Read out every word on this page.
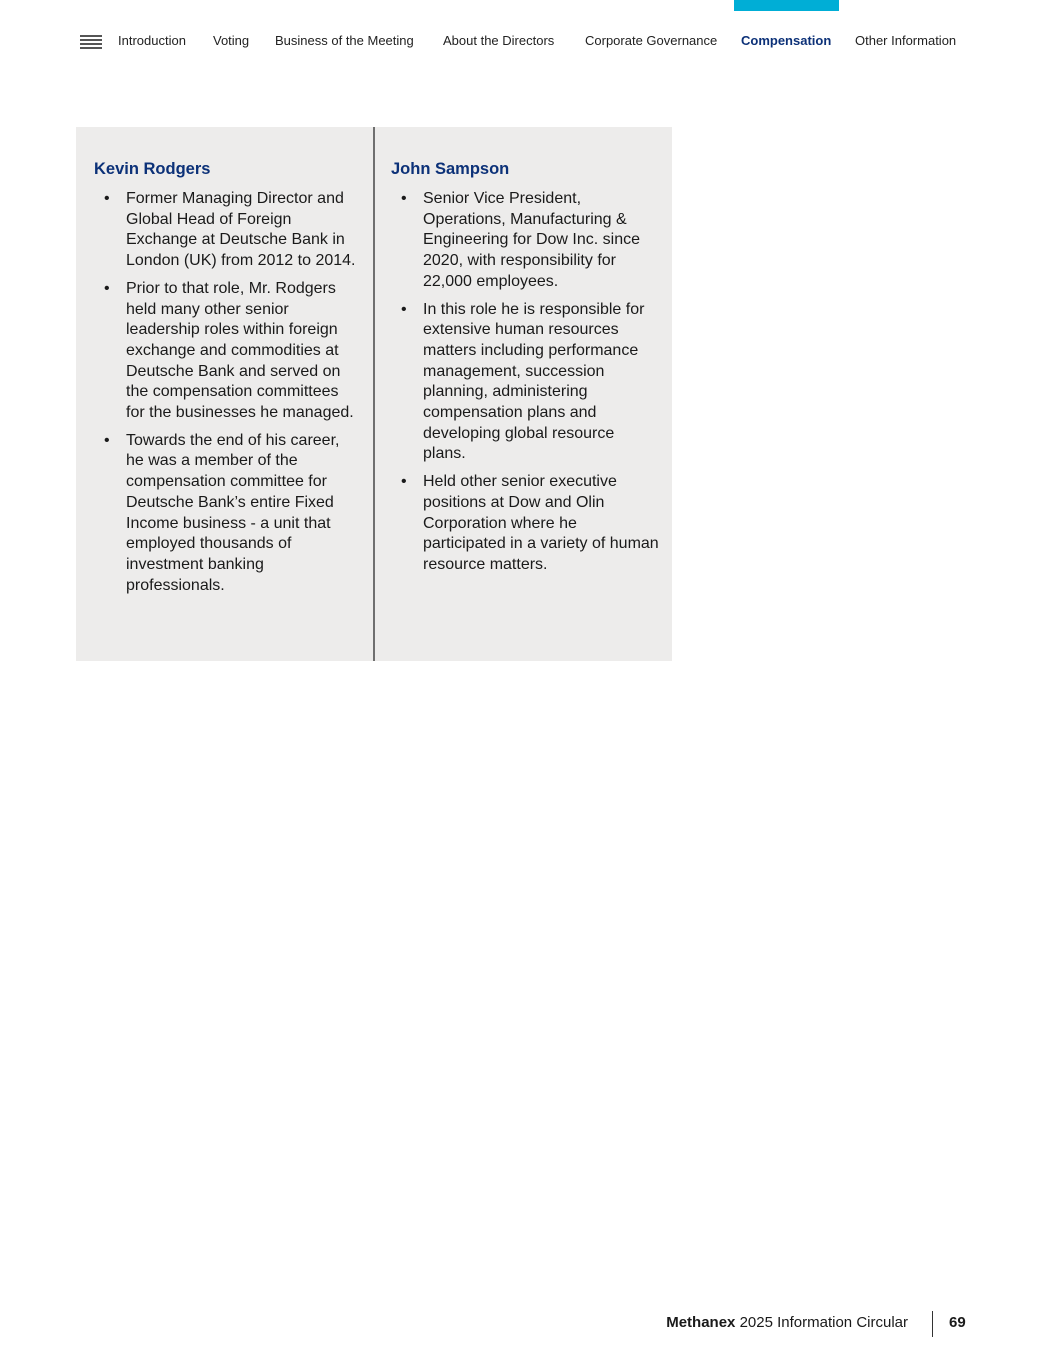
Introduction Voting Business of the Meeting About the Directors Corporate Governance Compensation Other Information
Kevin Rodgers
• Former Managing Director and Global Head of Foreign Exchange at Deutsche Bank in London (UK) from 2012 to 2014.
• Prior to that role, Mr. Rodgers held many other senior leadership roles within foreign exchange and commodities at Deutsche Bank and served on the compensation committees for the businesses he managed.
• Towards the end of his career, he was a member of the compensation committee for Deutsche Bank’s entire Fixed Income business - a unit that employed thousands of investment banking professionals.
John Sampson
• Senior Vice President, Operations, Manufacturing & Engineering for Dow Inc. since 2020, with responsibility for 22,000 employees.
• In this role he is responsible for extensive human resources matters including performance management, succession planning, administering compensation plans and developing global resource plans.
• Held other senior executive positions at Dow and Olin Corporation where he participated in a variety of human resource matters.
Methanex 2025 Information Circular	69
